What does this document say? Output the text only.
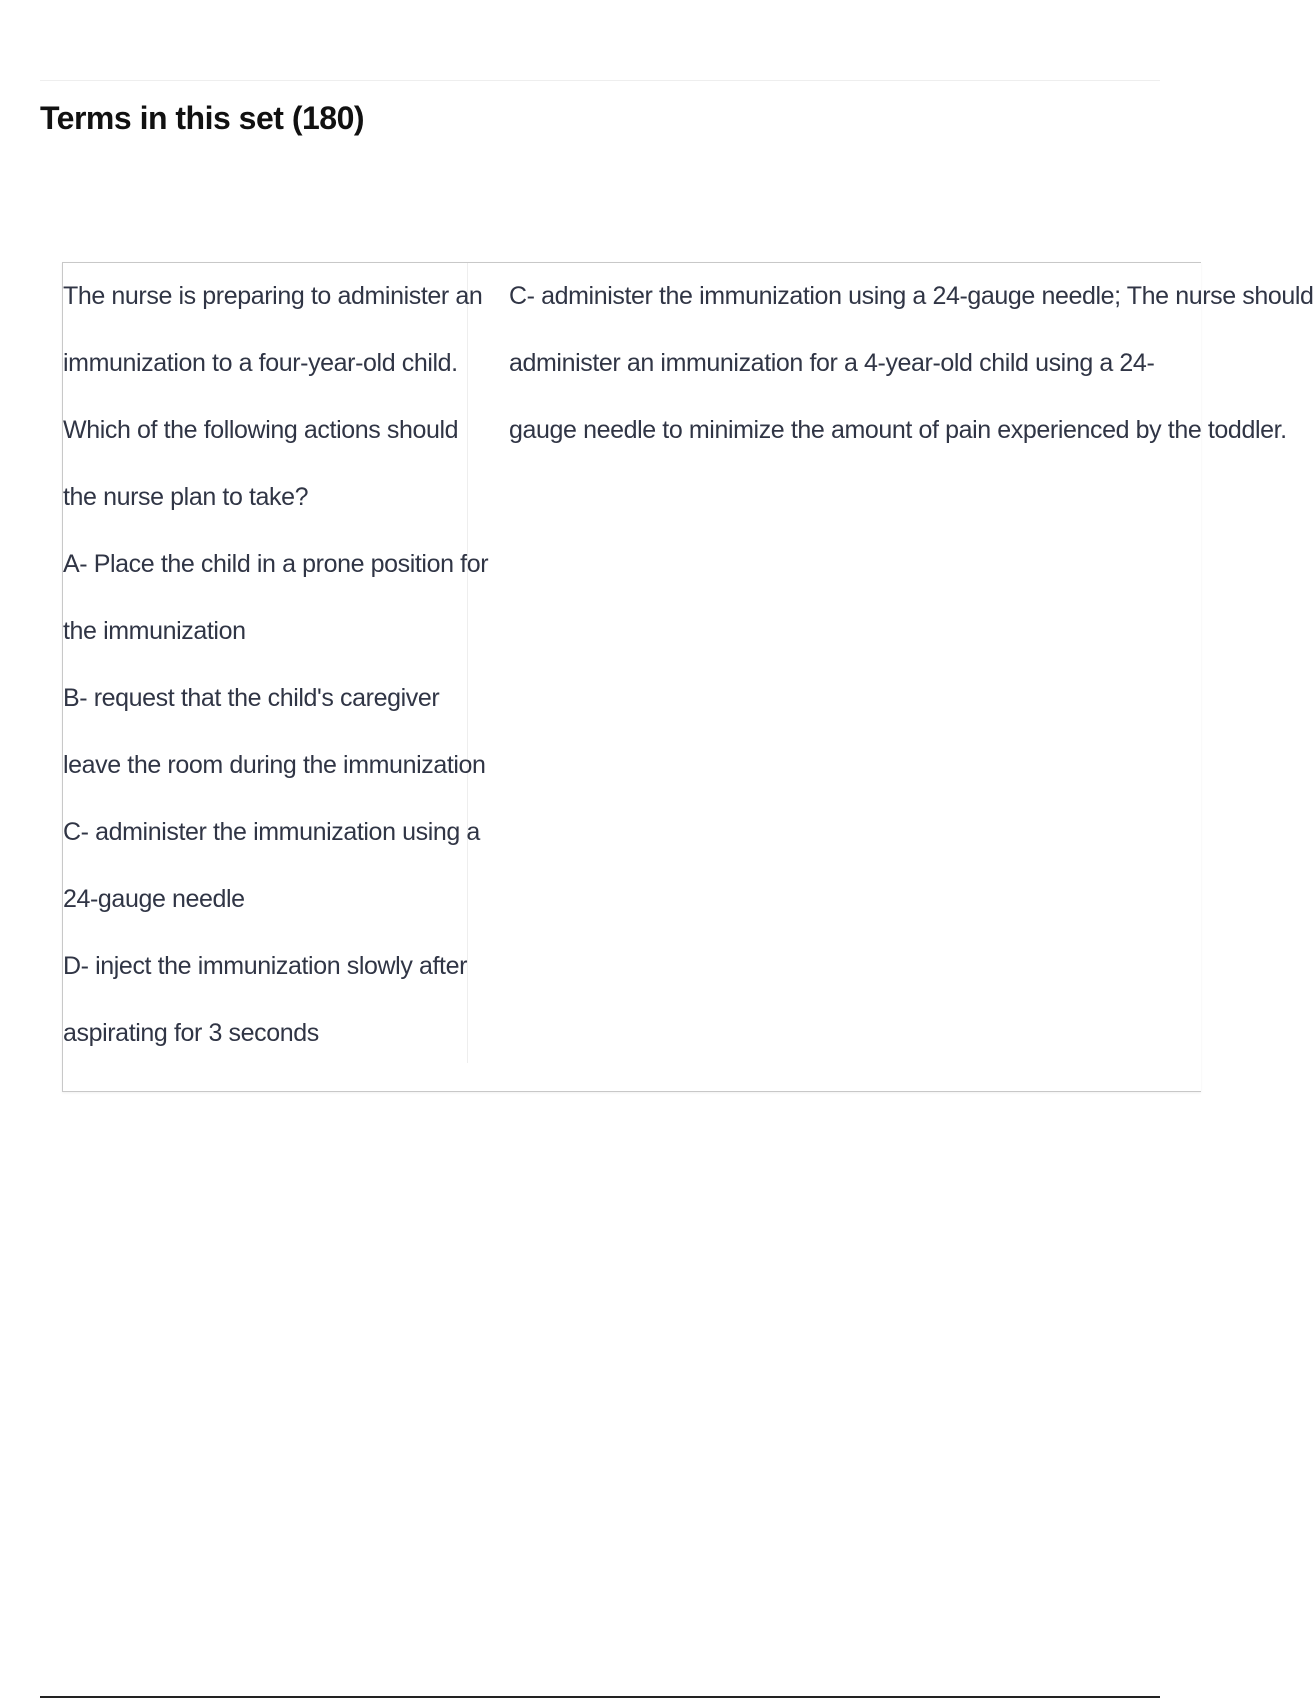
Terms in this set (180)

The nurse is preparing to administer an

immunization to a four-year-old child.

Which of the following actions should

the nurse plan to take?

A- Place the child in a prone position for

the immunization

B- request that the child's caregiver

leave the room during the immunization

C- administer the immunization using a

24-gauge needle

D- inject the immunization slowly after

aspirating for 3 seconds

C- administer the immunization using a 24-gauge needle; The nurse should

administer an immunization for a 4-year-old child using a 24-

gauge needle to minimize the amount of pain experienced by the toddler.
